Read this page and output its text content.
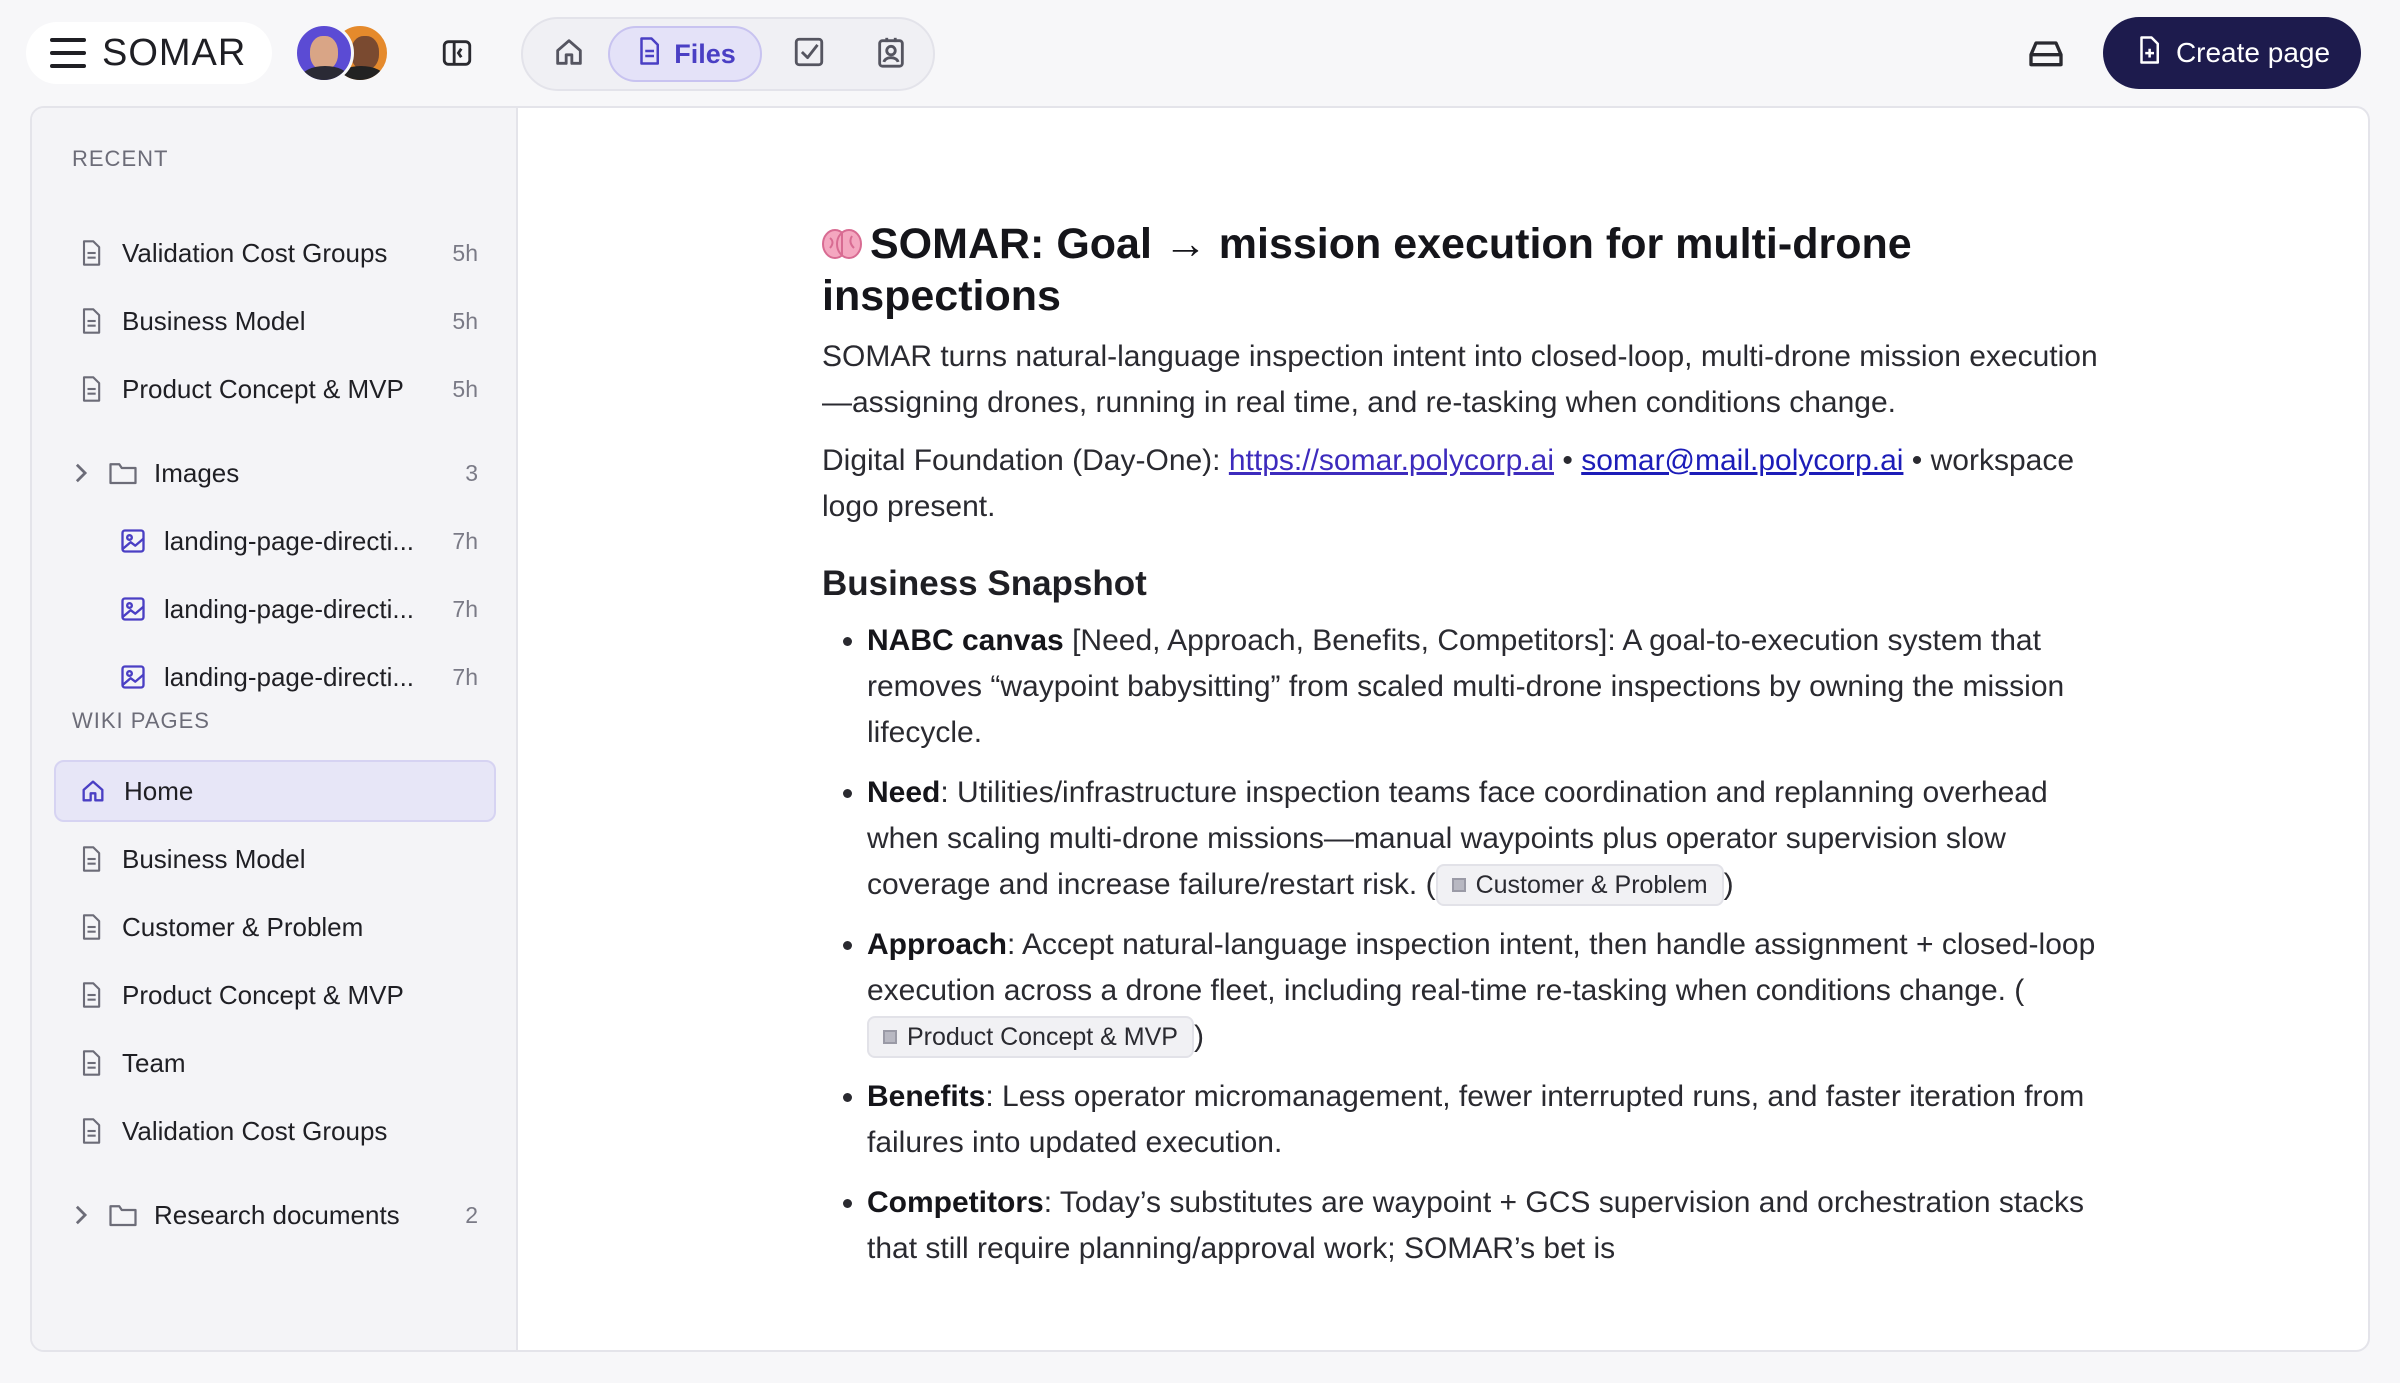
SOMAR	Files	Create page
RECENT
Validation Cost Groups	5h
Business Model	5h
Product Concept & MVP	5h
Images	3
landing-page-directi...	7h
landing-page-directi...	7h
landing-page-directi...	7h
WIKI PAGES
Home
Business Model
Customer & Problem
Product Concept & MVP
Team
Validation Cost Groups
Research documents	2
SOMAR: Goal → mission execution for multi-drone inspections

SOMAR turns natural-language inspection intent into closed-loop, multi-drone mission execution—assigning drones, running in real time, and re-tasking when conditions change.

Digital Foundation (Day-One): https://somar.polycorp.ai • somar@mail.polycorp.ai • workspace logo present.

Business Snapshot
• NABC canvas [Need, Approach, Benefits, Competitors]: A goal-to-execution system that removes “waypoint babysitting” from scaled multi-drone inspections by owning the mission lifecycle.
• Need: Utilities/infrastructure inspection teams face coordination and replanning overhead when scaling multi-drone missions—manual waypoints plus operator supervision slow coverage and increase failure/restart risk. ( Customer & Problem )
• Approach: Accept natural-language inspection intent, then handle assignment + closed-loop execution across a drone fleet, including real-time re-tasking when conditions change. (
Product Concept & MVP )
• Benefits: Less operator micromanagement, fewer interrupted runs, and faster iteration from failures into updated execution.
• Competitors: Today’s substitutes are waypoint + GCS supervision and orchestration stacks that still require planning/approval work; SOMAR’s bet is
